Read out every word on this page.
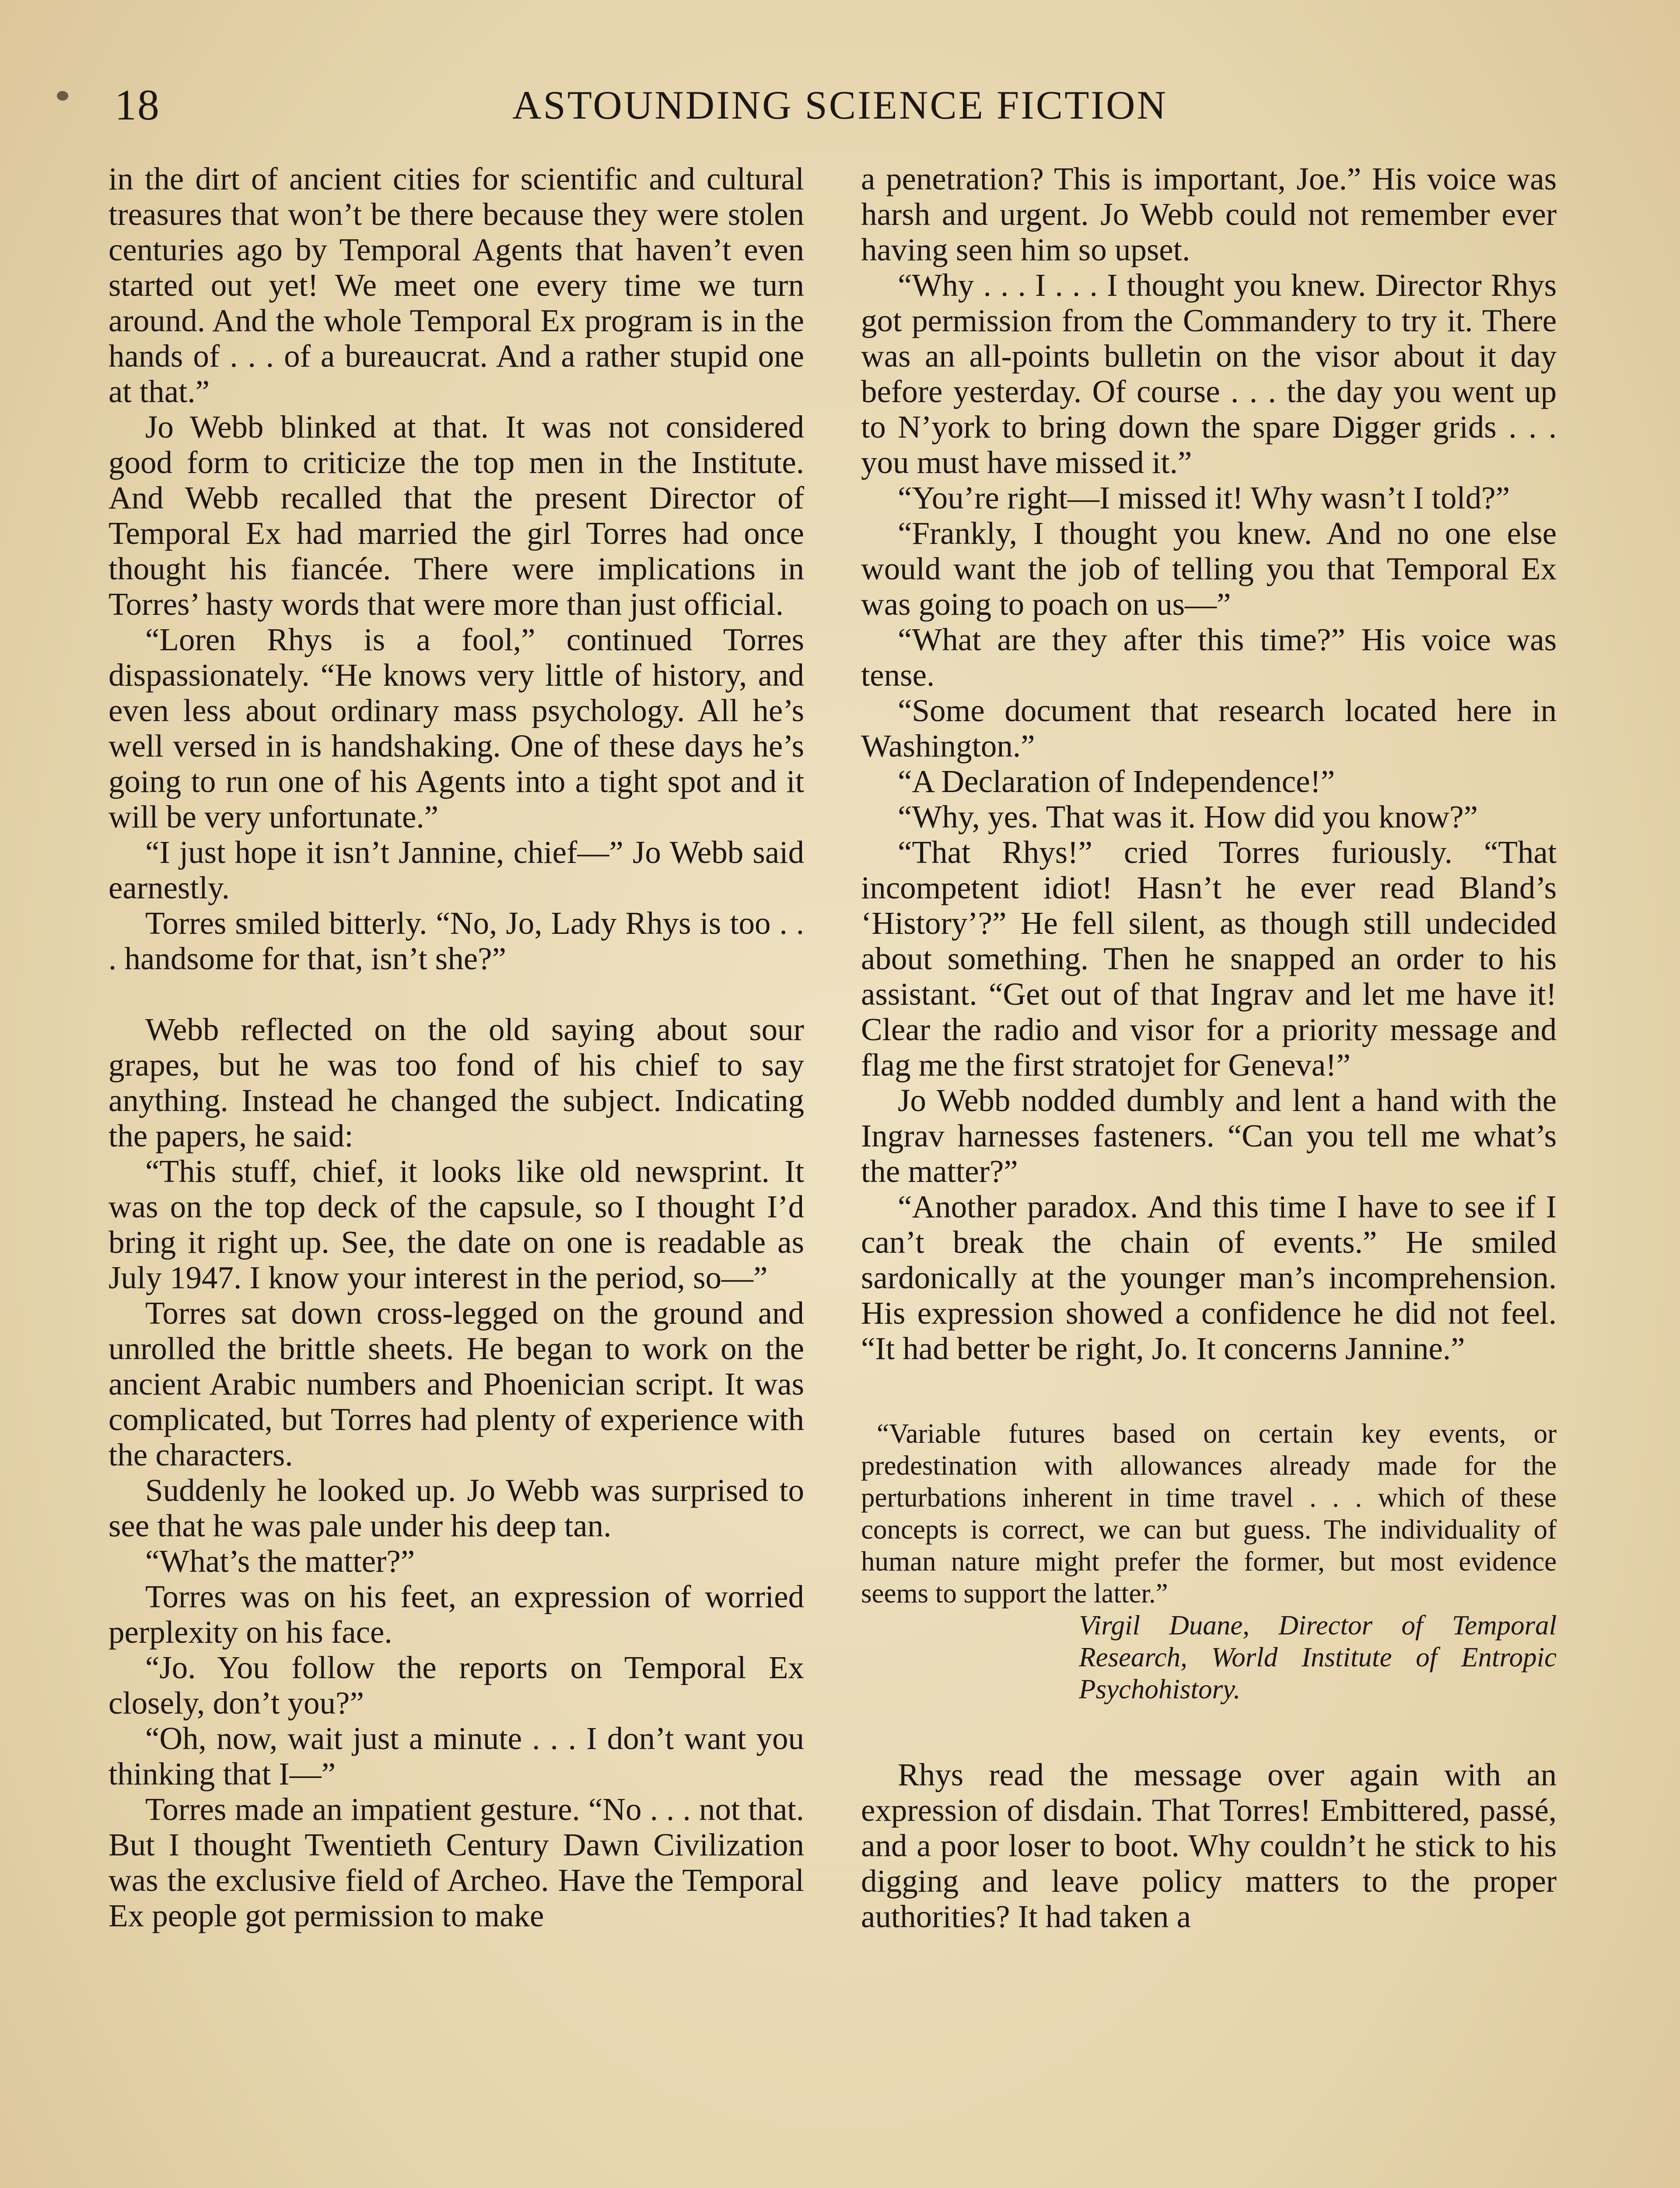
18	ASTOUNDING SCIENCE FICTION

in the dirt of ancient cities for scientific and cultural treasures that won’t be there because they were stolen centuries ago by Temporal Agents that haven’t even started out yet! We meet one every time we turn around. And the whole Temporal Ex program is in the hands of . . . of a bureaucrat. And a rather stupid one at that.”

Jo Webb blinked at that. It was not considered good form to criticize the top men in the Institute. And Webb recalled that the present Director of Temporal Ex had married the girl Torres had once thought his fiancée. There were implications in Torres’ hasty words that were more than just official.

“Loren Rhys is a fool,” continued Torres dispassionately. “He knows very little of history, and even less about ordinary mass psychology. All he’s well versed in is handshaking. One of these days he’s going to run one of his Agents into a tight spot and it will be very unfortunate.”

“I just hope it isn’t Jannine, chief—” Jo Webb said earnestly.

Torres smiled bitterly. “No, Jo, Lady Rhys is too . . . handsome for that, isn’t she?”

Webb reflected on the old saying about sour grapes, but he was too fond of his chief to say anything. Instead he changed the subject. Indicating the papers, he said:

“This stuff, chief, it looks like old newsprint. It was on the top deck of the capsule, so I thought I’d bring it right up. See, the date on one is readable as July 1947. I know your interest in the period, so—”

Torres sat down cross-legged on the ground and unrolled the brittle sheets. He began to work on the ancient Arabic numbers and Phoenician script. It was complicated, but Torres had plenty of experience with the characters.

Suddenly he looked up. Jo Webb was surprised to see that he was pale under his deep tan.

“What’s the matter?”

Torres was on his feet, an expression of worried perplexity on his face.

“Jo. You follow the reports on Temporal Ex closely, don’t you?”

“Oh, now, wait just a minute . . . I don’t want you thinking that I—”

Torres made an impatient gesture. “No . . . not that. But I thought Twentieth Century Dawn Civilization was the exclusive field of Archeo. Have the Temporal Ex people got permission to make

a penetration? This is important, Joe.” His voice was harsh and urgent. Jo Webb could not remember ever having seen him so upset.

“Why . . . I . . . I thought you knew. Director Rhys got permission from the Commandery to try it. There was an all-points bulletin on the visor about it day before yesterday. Of course . . . the day you went up to N’york to bring down the spare Digger grids . . . you must have missed it.”

“You’re right—I missed it! Why wasn’t I told?”

“Frankly, I thought you knew. And no one else would want the job of telling you that Temporal Ex was going to poach on us—”

“What are they after this time?” His voice was tense.

“Some document that research located here in Washington.”

“A Declaration of Independence!”

“Why, yes. That was it. How did you know?”

“That Rhys!” cried Torres furiously. “That incompetent idiot! Hasn’t he ever read Bland’s ‘History’?” He fell silent, as though still undecided about something. Then he snapped an order to his assistant. “Get out of that Ingrav and let me have it! Clear the radio and visor for a priority message and flag me the first stratojet for Geneva!”

Jo Webb nodded dumbly and lent a hand with the Ingrav harnesses fasteners. “Can you tell me what’s the matter?”

“Another paradox. And this time I have to see if I can’t break the chain of events.” He smiled sardonically at the younger man’s incomprehension. His expression showed a confidence he did not feel. “It had better be right, Jo. It concerns Jannine.”

“Variable futures based on certain key events, or predestination with allowances already made for the perturbations inherent in time travel . . . which of these concepts is correct, we can but guess. The individuality of human nature might prefer the former, but most evidence seems to support the latter.”

Virgil Duane, Director of Temporal Research, World Institute of Entropic Psychohistory.

Rhys read the message over again with an expression of disdain. That Torres! Embittered, passé, and a poor loser to boot. Why couldn’t he stick to his digging and leave policy matters to the proper authorities? It had taken a
